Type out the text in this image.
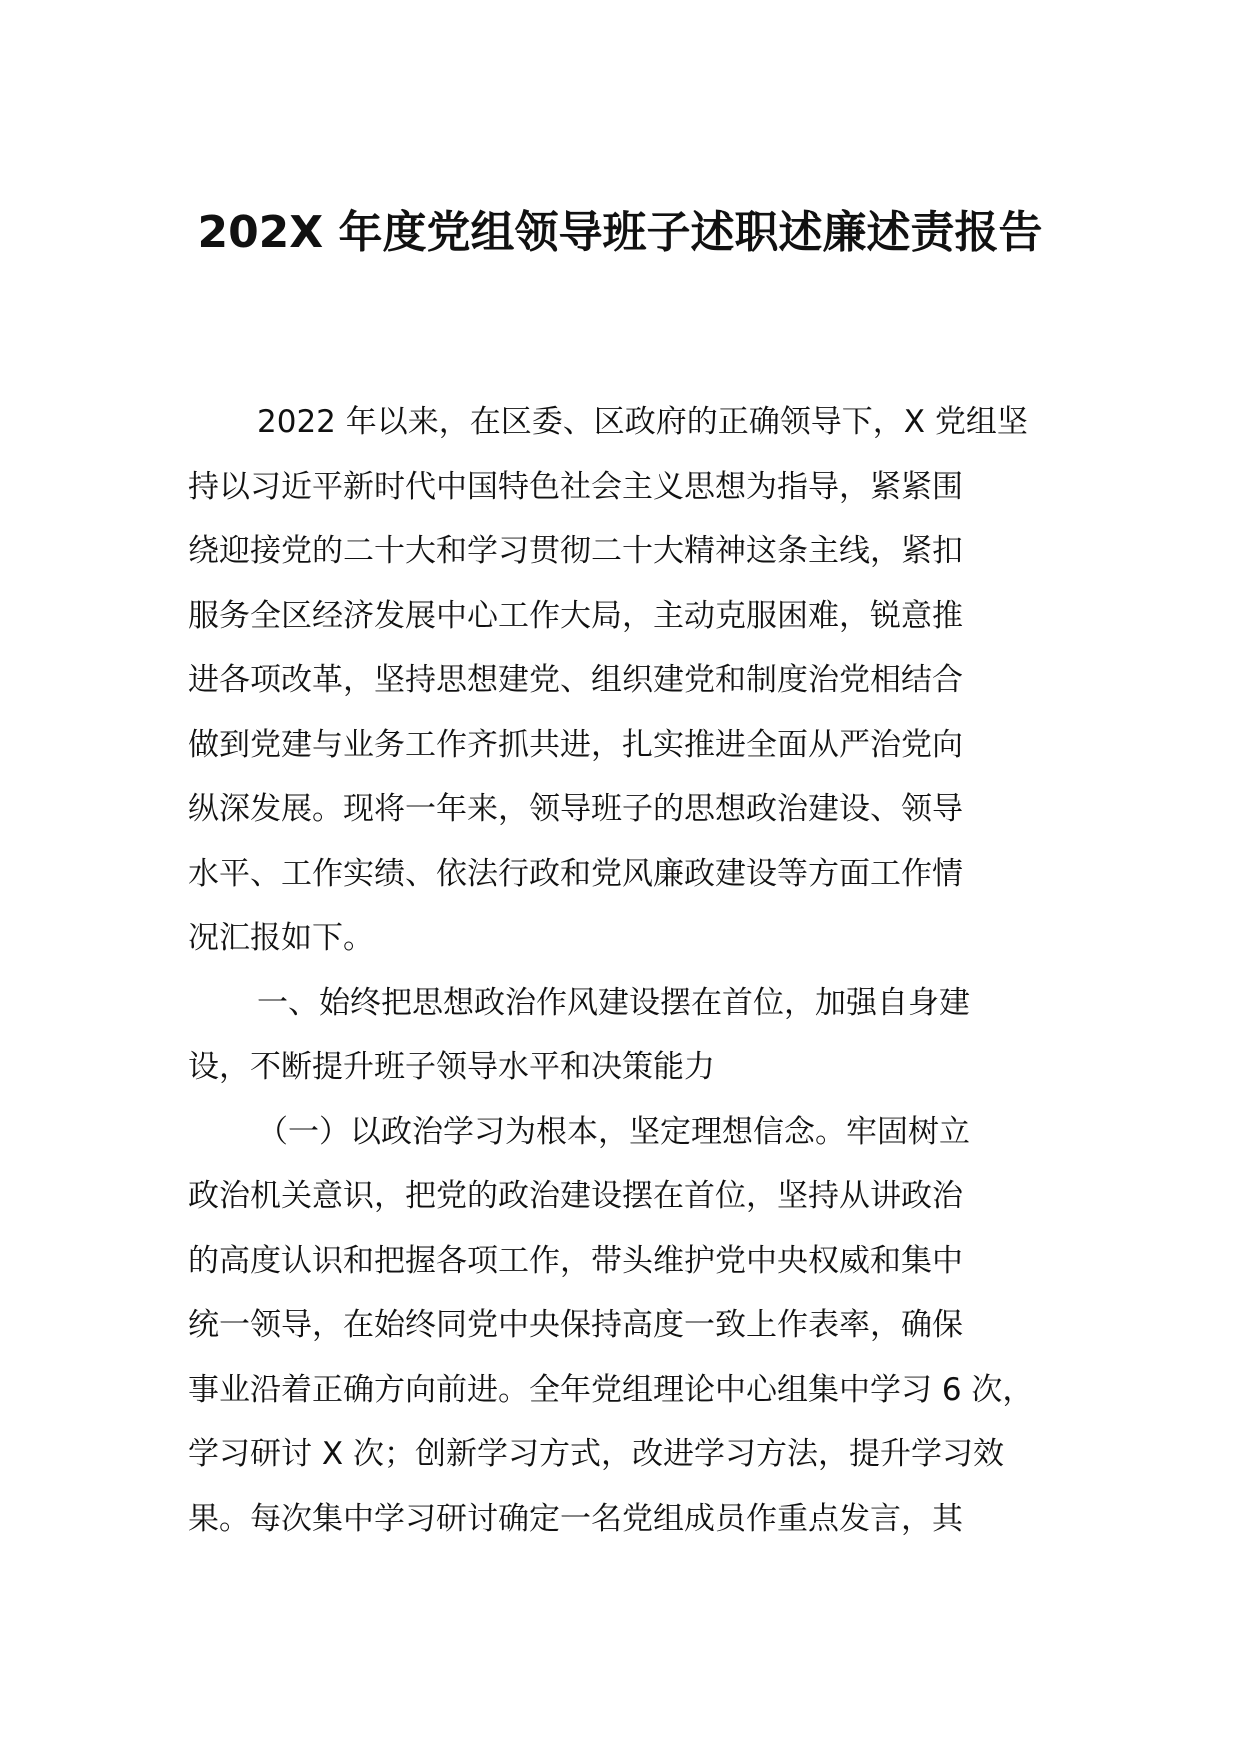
202X 年度党组领导班子述职述廉述责报告
2022 年以来，在区委、区政府的正确领导下，X 党组坚
持以习近平新时代中国特色社会主义思想为指导，紧紧围
绕迎接党的二十大和学习贯彻二十大精神这条主线，紧扣
服务全区经济发展中心工作大局，主动克服困难，锐意推
进各项改革，坚持思想建党、组织建党和制度治党相结合
做到党建与业务工作齐抓共进，扎实推进全面从严治党向
纵深发展。现将一年来，领导班子的思想政治建设、领导
水平、工作实绩、依法行政和党风廉政建设等方面工作情
况汇报如下。
一、始终把思想政治作风建设摆在首位，加强自身建
设，不断提升班子领导水平和决策能力
（一）以政治学习为根本，坚定理想信念。牢固树立
政治机关意识，把党的政治建设摆在首位，坚持从讲政治
的高度认识和把握各项工作，带头维护党中央权威和集中
统一领导，在始终同党中央保持高度一致上作表率，确保
事业沿着正确方向前进。全年党组理论中心组集中学习 6 次，
学习研讨 X 次；创新学习方式，改进学习方法，提升学习效
果。每次集中学习研讨确定一名党组成员作重点发言，其
